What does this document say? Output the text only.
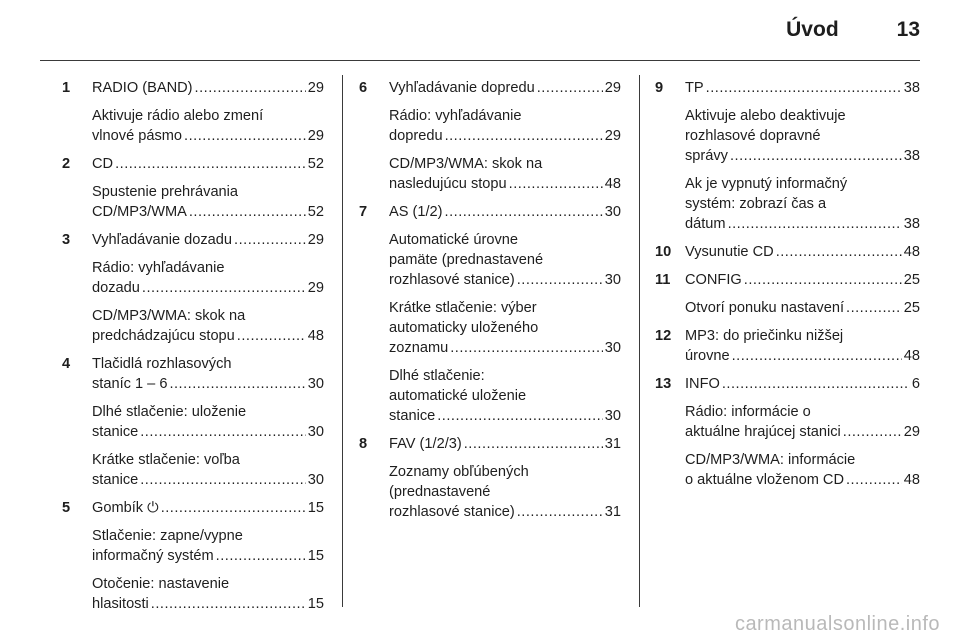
Úvod	13
1 RADIO (BAND) .....	29
Aktivuje rádio alebo zmení
vlnové pásmo .....	29
2 CD .....	52
Spustenie prehrávania
CD/MP3/WMA .....	52
3 Vyhľadávanie dozadu .....	29
Rádio: vyhľadávanie
dozadu .....	29
CD/MP3/WMA: skok na
predchádzajúcu stopu .....	48
4 Tlačidlá rozhlasových
staníc 1 – 6 .....	30
Dlhé stlačenie: uloženie
stanice .....	30
Krátke stlačenie: voľba
stanice .....	30
5 Gombík ⏻ .....	15
Stlačenie: zapne/vypne
informačný systém .....	15
Otočenie: nastavenie
hlasitosti .....	15
6 Vyhľadávanie dopredu .....	29
Rádio: vyhľadávanie
dopredu .....	29
CD/MP3/WMA: skok na
nasledujúcu stopu .....	48
7 AS (1/2) .....	30
Automatické úrovne
pamäte (prednastavené
rozhlasové stanice) .....	30
Krátke stlačenie: výber
automaticky uloženého
zoznamu .....	30
Dlhé stlačenie:
automatické uloženie
stanice .....	30
8 FAV (1/2/3) .....	31
Zoznamy obľúbených
(prednastavené
rozhlasové stanice) .....	31
9 TP .....	38
Aktivuje alebo deaktivuje
rozhlasové dopravné
správy .....	38
Ak je vypnutý informačný
systém: zobrazí čas a
dátum .....	38
10 Vysunutie CD .....	48
11 CONFIG .....	25
Otvorí ponuku nastavení .....	25
12 MP3: do priečinku nižšej
úrovne .....	48
13 INFO .....	6
Rádio: informácie o
aktuálne hrajúcej stanici .....	29
CD/MP3/WMA: informácie
o aktuálne vloženom CD .....	48
carmanualsonline.info
